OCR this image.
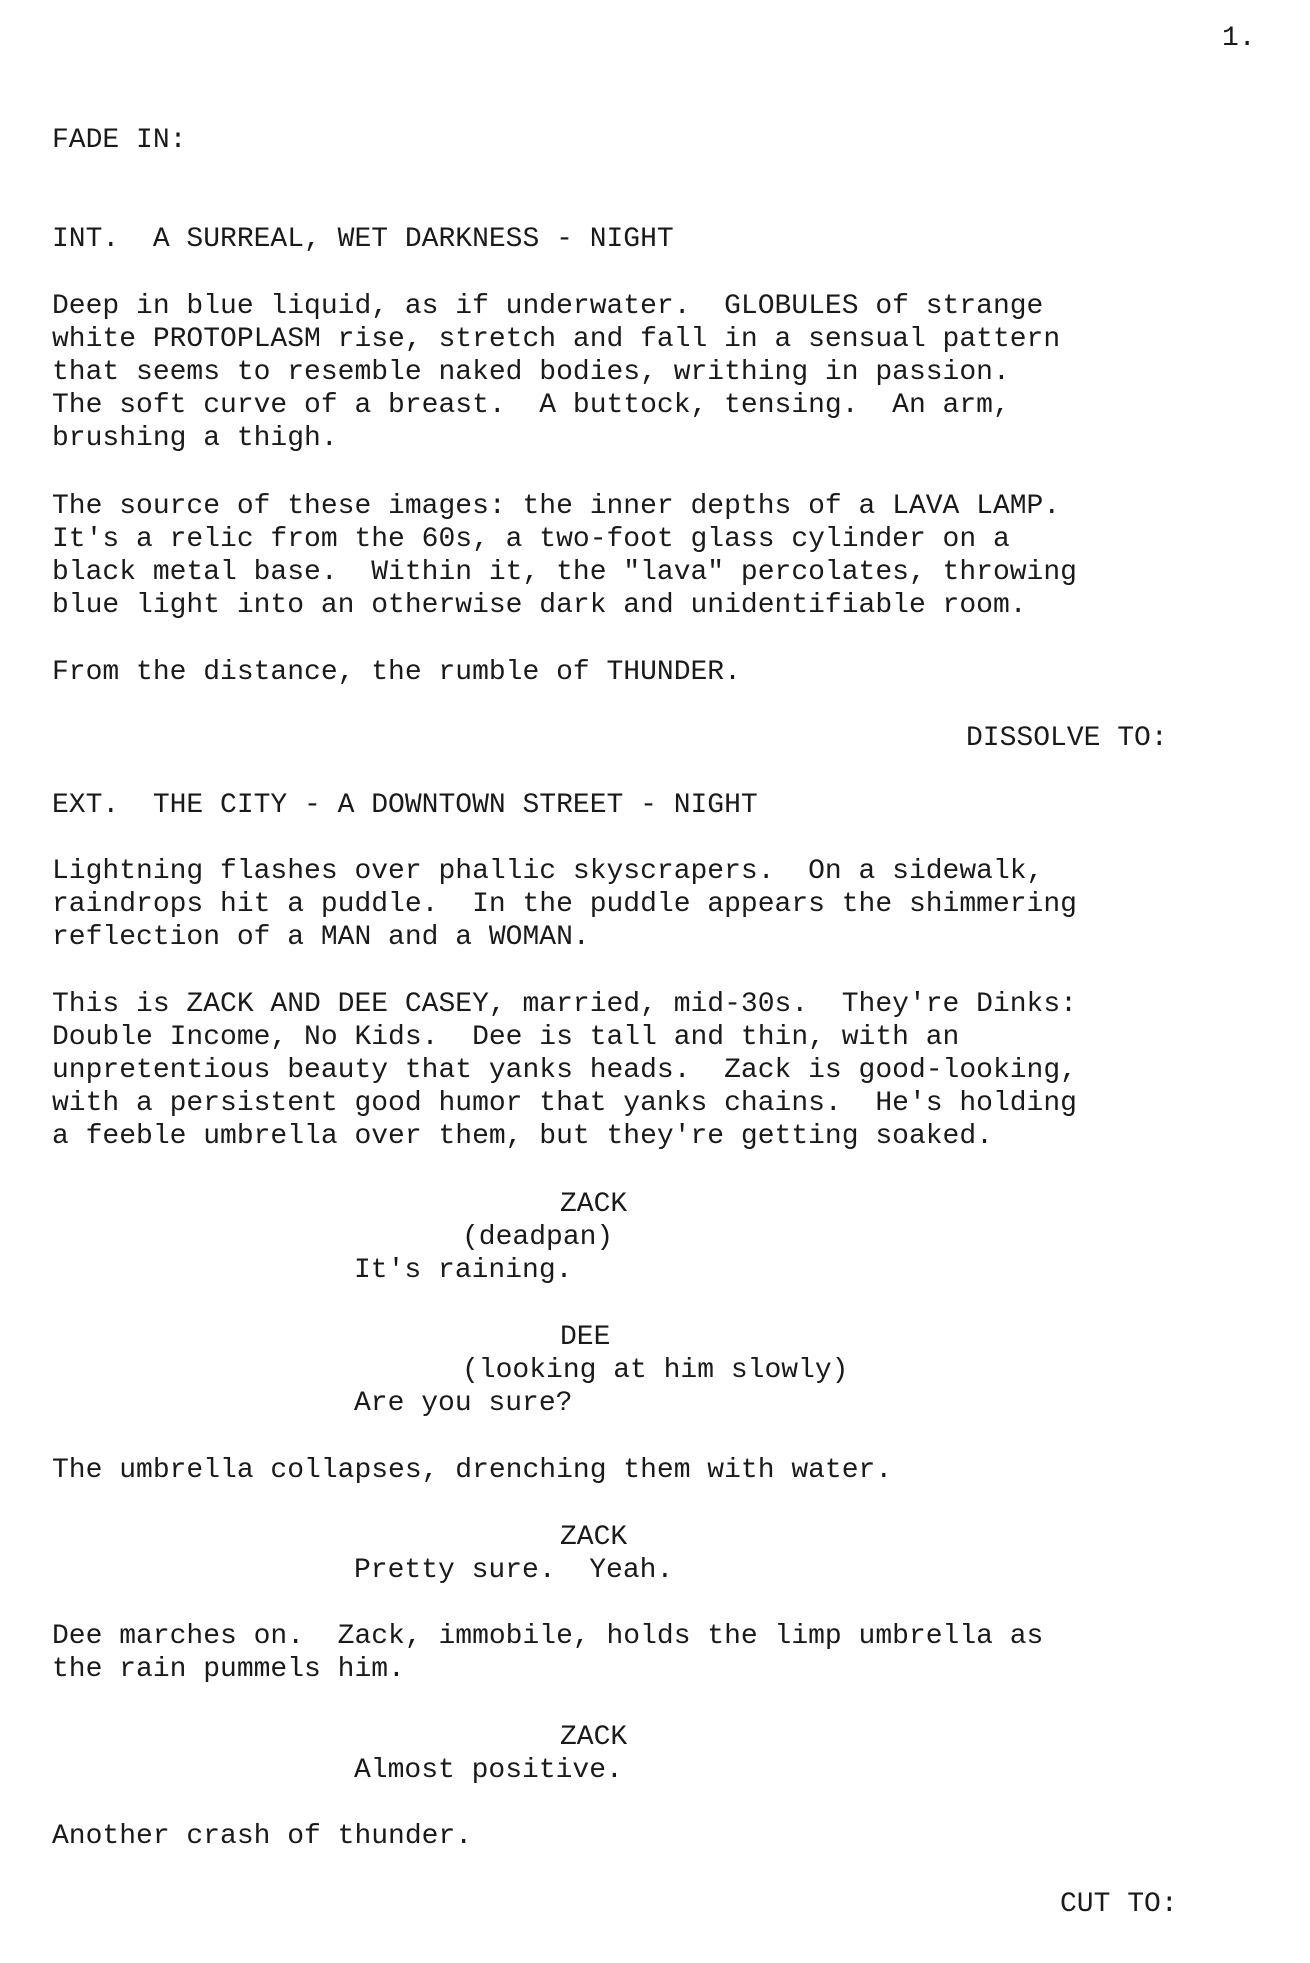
1.
FADE IN:
INT.  A SURREAL, WET DARKNESS - NIGHT
Deep in blue liquid, as if underwater.  GLOBULES of strange
white PROTOPLASM rise, stretch and fall in a sensual pattern
that seems to resemble naked bodies, writhing in passion.
The soft curve of a breast.  A buttock, tensing.  An arm,
brushing a thigh.
The source of these images: the inner depths of a LAVA LAMP.
It's a relic from the 60s, a two-foot glass cylinder on a
black metal base.  Within it, the "lava" percolates, throwing
blue light into an otherwise dark and unidentifiable room.
From the distance, the rumble of THUNDER.
DISSOLVE TO:
EXT.  THE CITY - A DOWNTOWN STREET - NIGHT
Lightning flashes over phallic skyscrapers.  On a sidewalk,
raindrops hit a puddle.  In the puddle appears the shimmering
reflection of a MAN and a WOMAN.
This is ZACK AND DEE CASEY, married, mid-30s.  They're Dinks:
Double Income, No Kids.  Dee is tall and thin, with an
unpretentious beauty that yanks heads.  Zack is good-looking,
with a persistent good humor that yanks chains.  He's holding
a feeble umbrella over them, but they're getting soaked.
ZACK
(deadpan)
It's raining.
DEE
(looking at him slowly)
Are you sure?
The umbrella collapses, drenching them with water.
ZACK
Pretty sure.  Yeah.
Dee marches on.  Zack, immobile, holds the limp umbrella as
the rain pummels him.
ZACK
Almost positive.
Another crash of thunder.
CUT TO:
